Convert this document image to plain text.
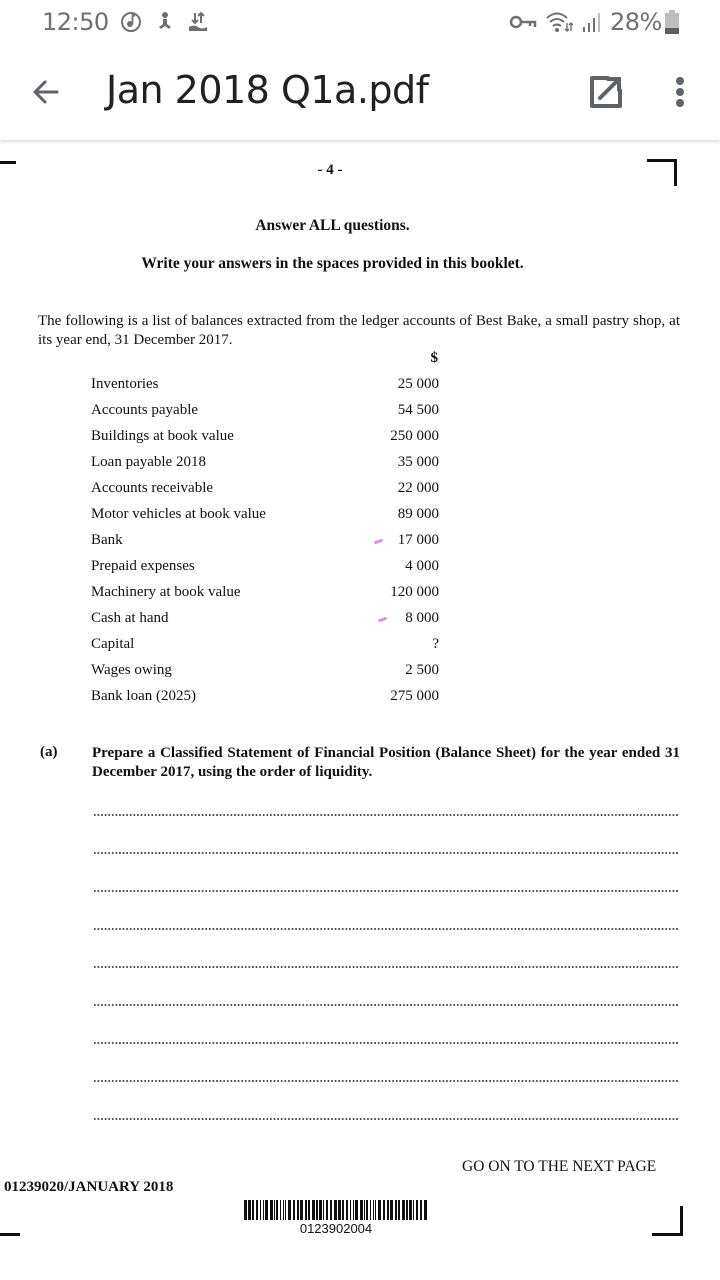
12:50	28%
Jan 2018 Q1a.pdf
- 4 -
Answer ALL questions.
Write your answers in the spaces provided in this booklet.
The following is a list of balances extracted from the ledger accounts of Best Bake, a small pastry shop, at its year end, 31 December 2017.
$
Inventories	25 000
Accounts payable	54 500
Buildings at book value	250 000
Loan payable 2018	35 000
Accounts receivable	22 000
Motor vehicles at book value	89 000
Bank	17 000
Prepaid expenses	4 000
Machinery at book value	120 000
Cash at hand	8 000
Capital	?
Wages owing	2 500
Bank loan (2025)	275 000
(a) Prepare a Classified Statement of Financial Position (Balance Sheet) for the year ended 31 December 2017, using the order of liquidity.
GO ON TO THE NEXT PAGE
01239020/JANUARY 2018
0123902004
